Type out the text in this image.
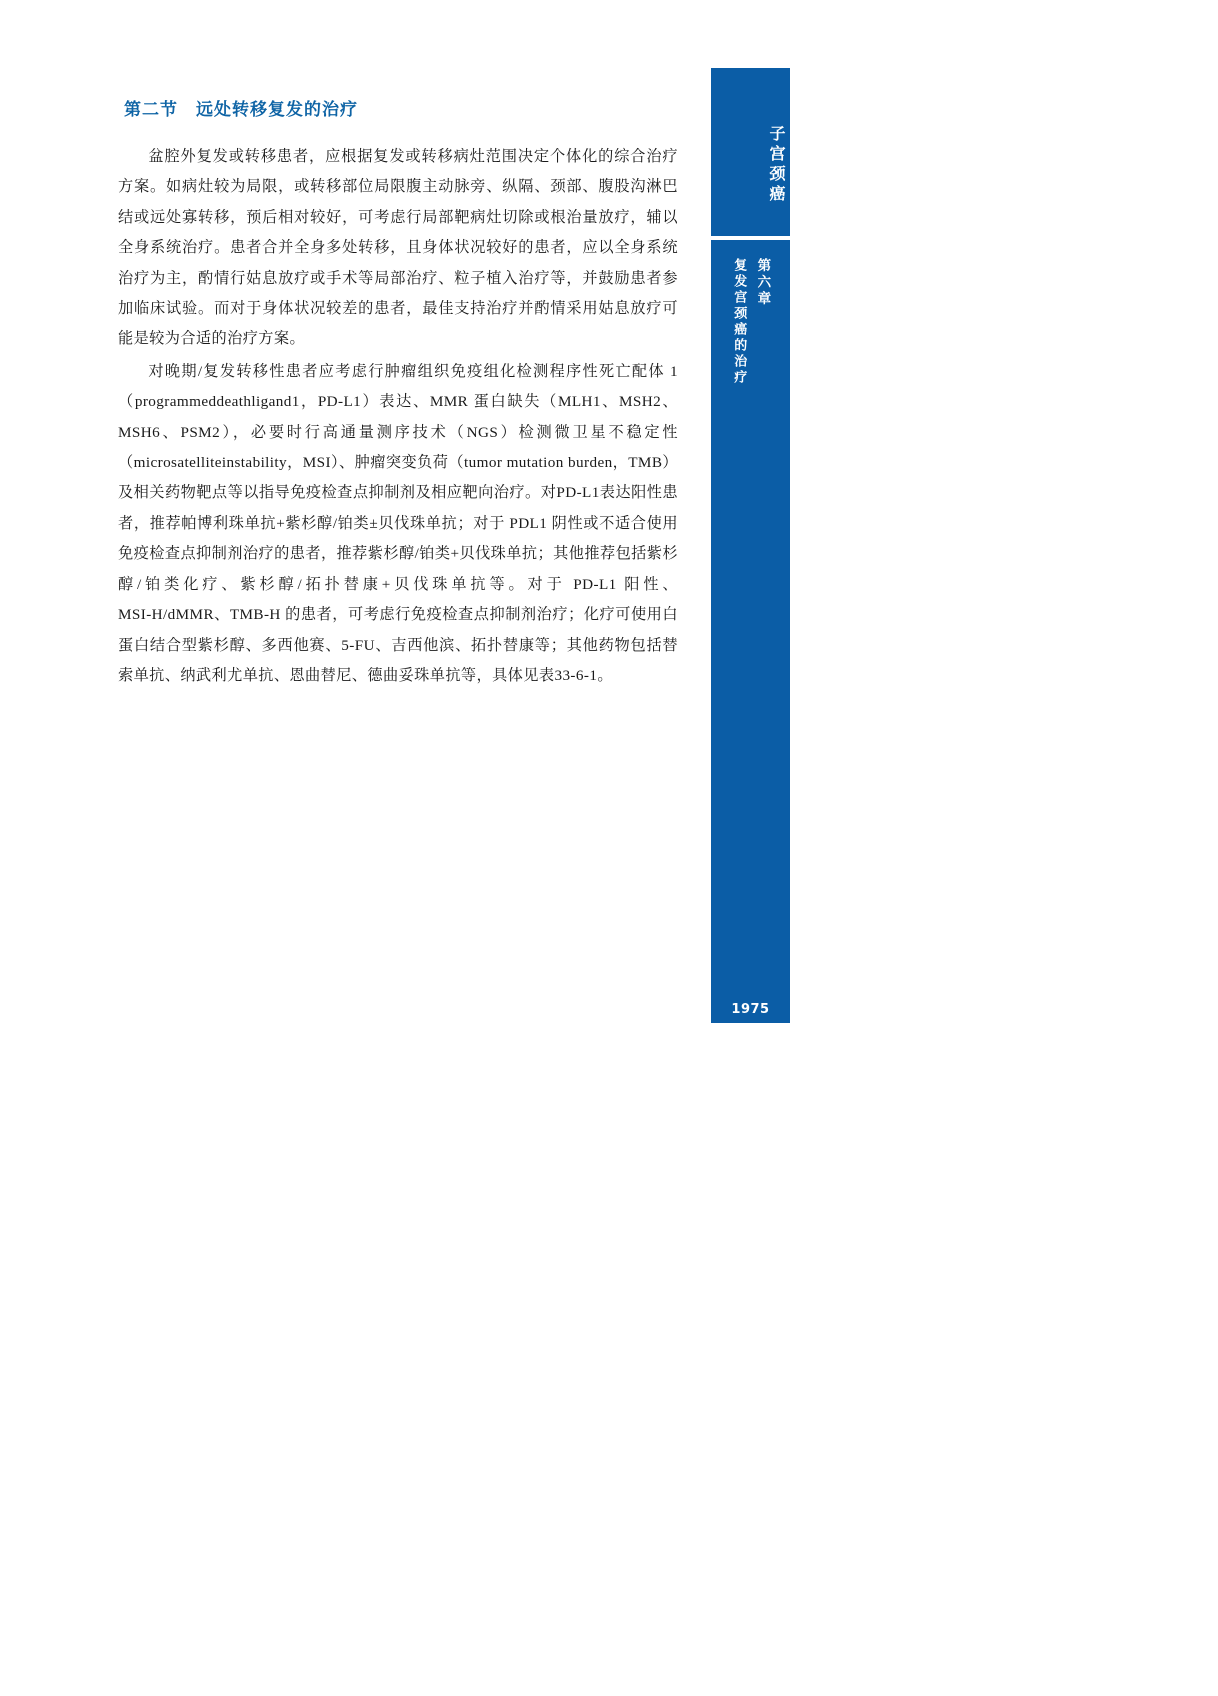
第二节 远处转移复发的治疗

盆腔外复发或转移患者，应根据复发或转移病灶范围决定个体化的综合治疗方案。如病灶较为局限，或转移部位局限腹主动脉旁、纵隔、颈部、腹股沟淋巴结或远处寡转移，预后相对较好，可考虑行局部靶病灶切除或根治量放疗，辅以全身系统治疗。患者合并全身多处转移，且身体状况较好的患者，应以全身系统治疗为主，酌情行姑息放疗或手术等局部治疗、粒子植入治疗等，并鼓励患者参加临床试验。而对于身体状况较差的患者，最佳支持治疗并酌情采用姑息放疗可能是较为合适的治疗方案。

对晚期/复发转移性患者应考虑行肿瘤组织免疫组化检测程序性死亡配体 1（programmeddeathligand1，PD‑L1）表达、MMR 蛋白缺失（MLH1、MSH2、MSH6、PSM2），必要时行高通量测序技术（NGS）检测微卫星不稳定性（microsatelliteinstability，MSI）、肿瘤突变负荷（tumor mutation burden，TMB）及相关药物靶点等以指导免疫检查点抑制剂及相应靶向治疗。对PD‑L1表达阳性患者，推荐帕博利珠单抗+紫杉醇/铂类±贝伐珠单抗；对于 PDL1 阴性或不适合使用免疫检查点抑制剂治疗的患者，推荐紫杉醇/铂类+贝伐珠单抗；其他推荐包括紫杉醇/铂类化疗、紫杉醇/拓扑替康+贝伐珠单抗等。对于 PD‑L1 阳性、MSI‑H/dMMR、TMB‑H 的患者，可考虑行免疫检查点抑制剂治疗；化疗可使用白蛋白结合型紫杉醇、多西他赛、5‑FU、吉西他滨、拓扑替康等；其他药物包括替索单抗、纳武利尤单抗、恩曲替尼、德曲妥珠单抗等，具体见表33‑6‑1。

子宫颈癌
第六章
复发宫颈癌的治疗
1975
